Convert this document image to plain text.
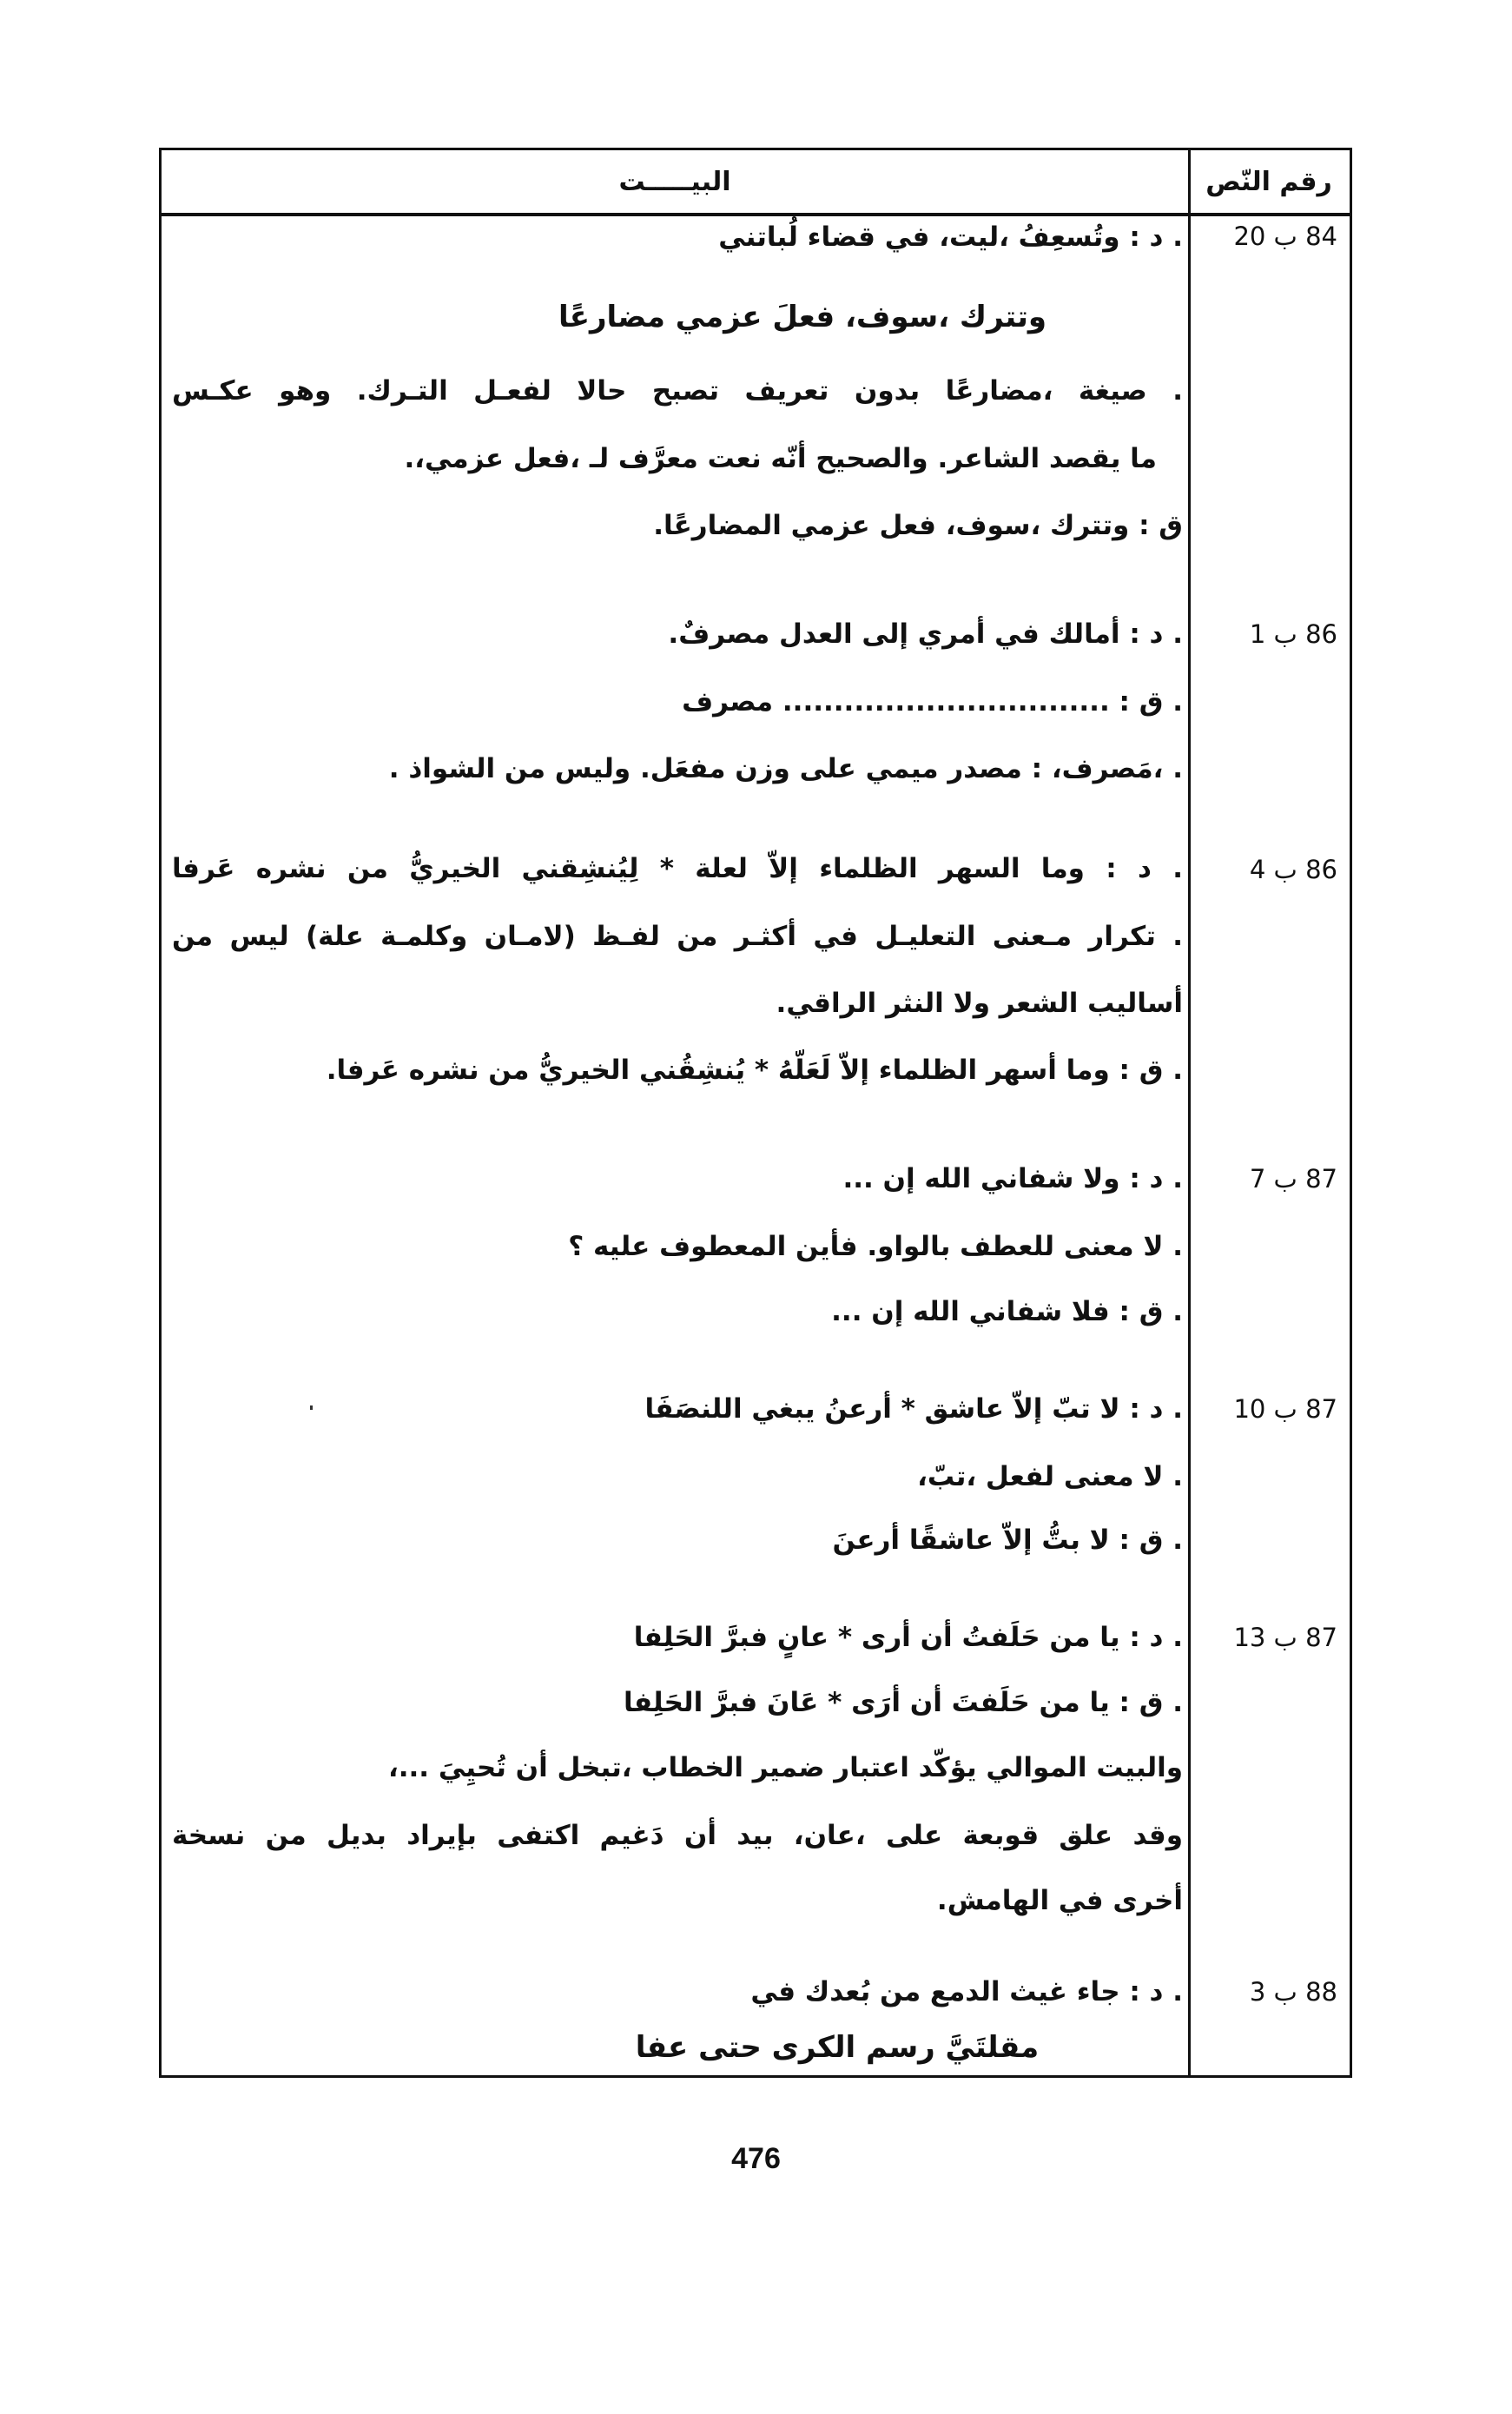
رقم النّص
البيـــــت
84 ب 20
. د : وتُسعِفُ ،ليت، في قضاء لُباتني
وتترك ،سوف، فعلَ عزمي مضارعًا
. صيغة ،مضارعًا بدون تعريف تصبح حالا لفعـل التـرك. وهو عكـس
ما يقصد الشاعر. والصحيح أنّه نعت معرَّف لـ ،فعل عزمي،.
ق : وتترك ،سوف، فعل عزمي المضارعًا.
86 ب 1
. د : أمالك في أمري إلى العدل مصرفٌ.
. ق : ................................ مصرف
. ،مَصرف، : مصدر ميمي على وزن مفعَل. وليس من الشواذ .
86 ب 4
. د : وما السهر الظلماء إلاّ لعلة * لِيُنشِقني الخيريُّ من نشره عَرفا
. تكرار مـعنى التعليـل في أكثـر من لفـظ (لامـان وكلمـة علة) ليس من
أساليب الشعر ولا النثر الراقي.
. ق : وما أسهر الظلماء إلاّ لَعَلّهُ * يُنشِقُني الخيريُّ من نشره عَرفا.
87 ب 7
. د : ولا شفاني الله إن ...
. لا معنى للعطف بالواو. فأين المعطوف عليه ؟
. ق : فلا شفاني الله إن ...
87 ب 10
. د : لا تبّ إلاّ عاشق * أرعنُ يبغي اللنصَفَا
. لا معنى لفعل ،تبّ،
. ق : لا بتُّ إلاّ عاشقًا أرعنَ
87 ب 13
. د : يا من حَلَفتُ أن أرى * عانٍ فبرَّ الحَلِفا
. ق : يا من حَلَفتَ أن أرَى * عَانَ فبرَّ الحَلِفا
والبيت الموالي يؤكّد اعتبار ضمير الخطاب ،تبخل أن تُحيِيَ ...،
وقد علق قوبعة على ،عان، بيد أن دَغيم اكتفى بإيراد بديل من نسخة
أخرى في الهامش.
88 ب 3
. د : جاء غيث الدمع من بُعدك في
مقلتَيَّ رسم الكرى حتى عفا
476
